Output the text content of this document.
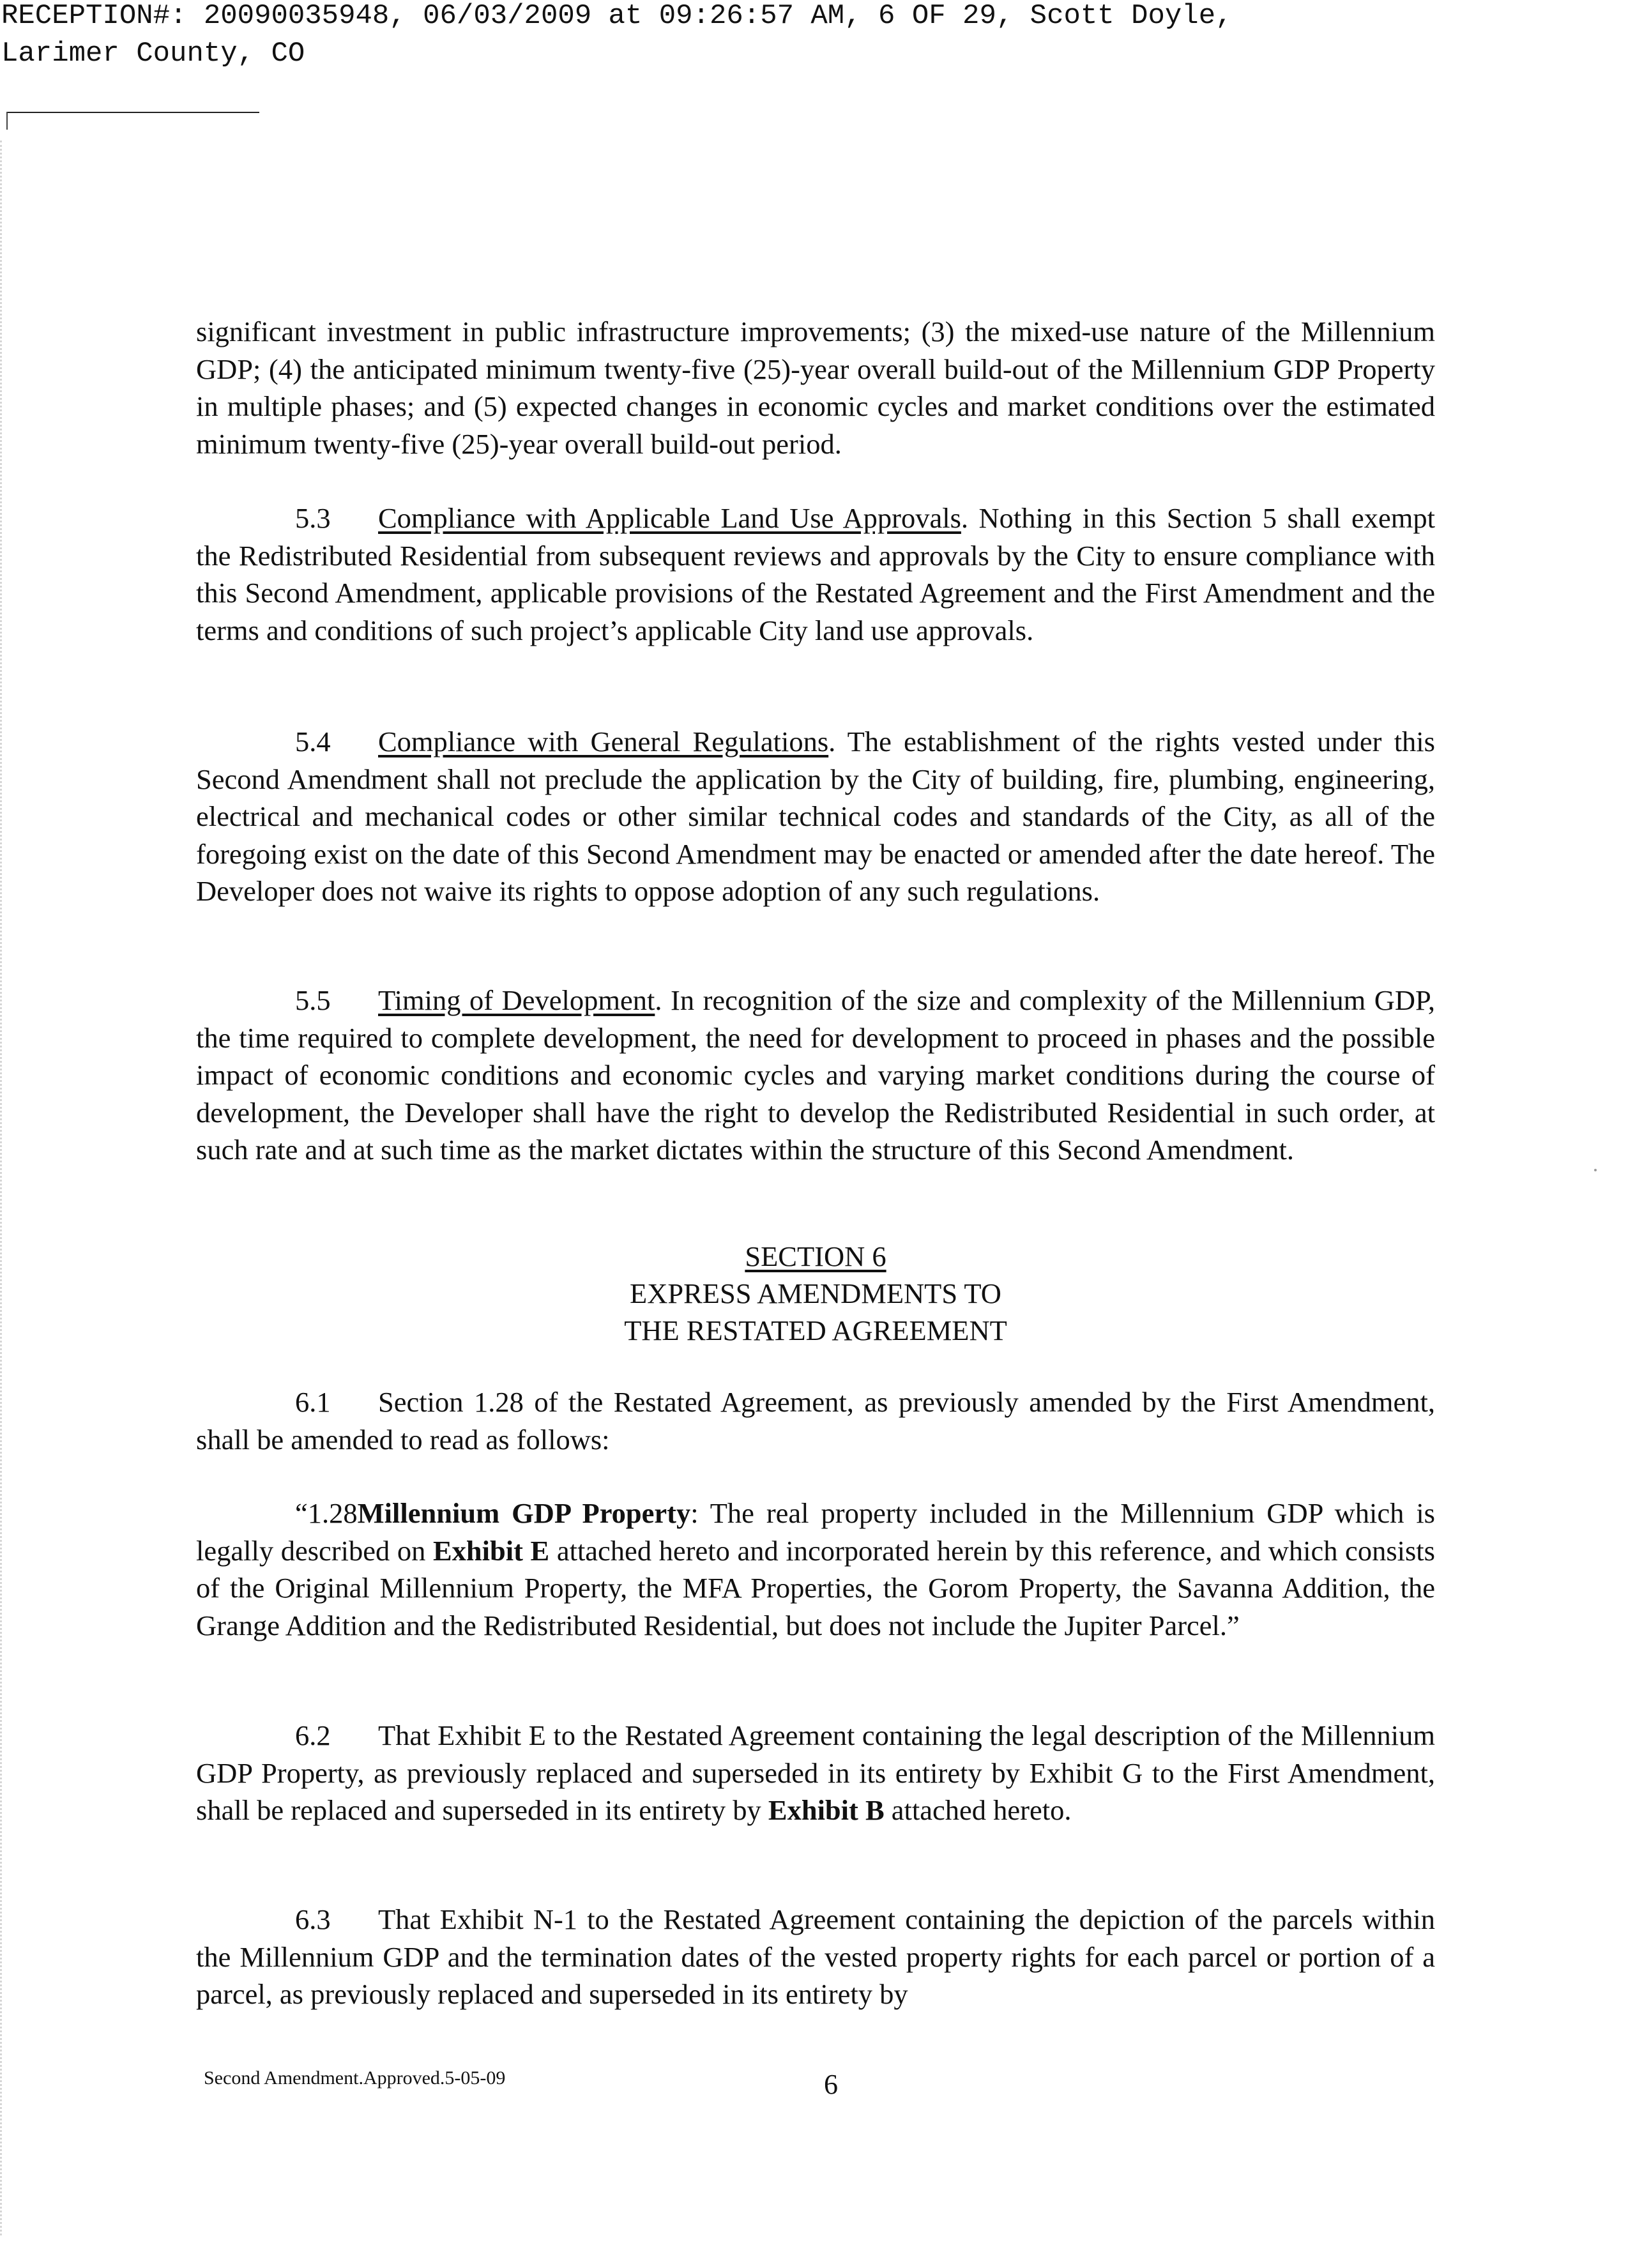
RECEPTION#: 20090035948, 06/03/2009 at 09:26:57 AM, 6 OF 29, Scott Doyle,
Larimer County, CO

significant investment in public infrastructure improvements; (3) the mixed-use nature of the Millennium GDP; (4) the anticipated minimum twenty-five (25)-year overall build-out of the Millennium GDP Property in multiple phases; and (5) expected changes in economic cycles and market conditions over the estimated minimum twenty-five (25)-year overall build-out period.

5.3 Compliance with Applicable Land Use Approvals. Nothing in this Section 5 shall exempt the Redistributed Residential from subsequent reviews and approvals by the City to ensure compliance with this Second Amendment, applicable provisions of the Restated Agreement and the First Amendment and the terms and conditions of such project’s applicable City land use approvals.

5.4 Compliance with General Regulations. The establishment of the rights vested under this Second Amendment shall not preclude the application by the City of building, fire, plumbing, engineering, electrical and mechanical codes or other similar technical codes and standards of the City, as all of the foregoing exist on the date of this Second Amendment may be enacted or amended after the date hereof. The Developer does not waive its rights to oppose adoption of any such regulations.

5.5 Timing of Development. In recognition of the size and complexity of the Millennium GDP, the time required to complete development, the need for development to proceed in phases and the possible impact of economic conditions and economic cycles and varying market conditions during the course of development, the Developer shall have the right to develop the Redistributed Residential in such order, at such rate and at such time as the market dictates within the structure of this Second Amendment.

SECTION 6

EXPRESS AMENDMENTS TO

THE RESTATED AGREEMENT

6.1 Section 1.28 of the Restated Agreement, as previously amended by the First Amendment, shall be amended to read as follows:

“1.28Millennium GDP Property: The real property included in the Millennium GDP which is legally described on Exhibit E attached hereto and incorporated herein by this reference, and which consists of the Original Millennium Property, the MFA Properties, the Gorom Property, the Savanna Addition, the Grange Addition and the Redistributed Residential, but does not include the Jupiter Parcel.”

6.2 That Exhibit E to the Restated Agreement containing the legal description of the Millennium GDP Property, as previously replaced and superseded in its entirety by Exhibit G to the First Amendment, shall be replaced and superseded in its entirety by Exhibit B attached hereto.

6.3 That Exhibit N-1 to the Restated Agreement containing the depiction of the parcels within the Millennium GDP and the termination dates of the vested property rights for each parcel or portion of a parcel, as previously replaced and superseded in its entirety by

Second Amendment.Approved.5-05-09	6
